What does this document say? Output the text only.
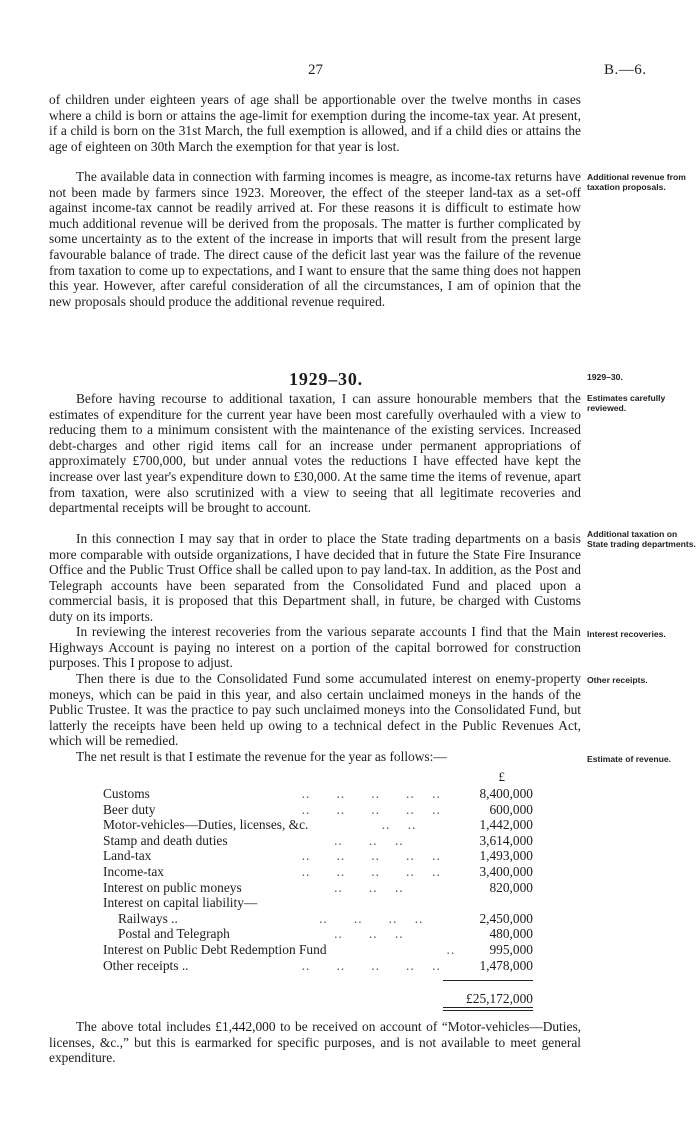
27	B.—6.
of children under eighteen years of age shall be apportionable over the twelve months in cases where a child is born or attains the age-limit for exemption during the income-tax year. At present, if a child is born on the 31st March, the full exemption is allowed, and if a child dies or attains the age of eighteen on 30th March the exemption for that year is lost.
The available data in connection with farming incomes is meagre, as income-tax returns have not been made by farmers since 1923. Moreover, the effect of the steeper land-tax as a set-off against income-tax cannot be readily arrived at. For these reasons it is difficult to estimate how much additional revenue will be derived from the proposals. The matter is further complicated by some uncertainty as to the extent of the increase in imports that will result from the present large favourable balance of trade. The direct cause of the deficit last year was the failure of the revenue from taxation to come up to expectations, and I want to ensure that the same thing does not happen this year. However, after careful consideration of all the circumstances, I am of opinion that the new proposals should produce the additional revenue required.
Additional revenue from taxation proposals.
1929–30.	1929–30.
Before having recourse to additional taxation, I can assure honourable members that the estimates of expenditure for the current year have been most carefully overhauled with a view to reducing them to a minimum consistent with the maintenance of the existing services. Increased debt-charges and other rigid items call for an increase under permanent appropriations of approximately £700,000, but under annual votes the reductions I have effected have kept the increase over last year's expenditure down to £30,000. At the same time the items of revenue, apart from taxation, were also scrutinized with a view to seeing that all legitimate recoveries and departmental receipts will be brought to account.
Estimates carefully reviewed.
In this connection I may say that in order to place the State trading departments on a basis more comparable with outside organizations, I have decided that in future the State Fire Insurance Office and the Public Trust Office shall be called upon to pay land-tax. In addition, as the Post and Telegraph accounts have been separated from the Consolidated Fund and placed upon a commercial basis, it is proposed that this Department shall, in future, be charged with Customs duty on its imports.
Additional taxation on State trading departments.
In reviewing the interest recoveries from the various separate accounts I find that the Main Highways Account is paying no interest on a portion of the capital borrowed for construction purposes. This I propose to adjust.
Interest recoveries.
Then there is due to the Consolidated Fund some accumulated interest on enemy-property moneys, which can be paid in this year, and also certain unclaimed moneys in the hands of the Public Trustee. It was the practice to pay such unclaimed moneys into the Consolidated Fund, but latterly the receipts have been held up owing to a technical defect in the Public Revenues Act, which will be remedied.
Other receipts.
The net result is that I estimate the revenue for the year as follows:—	Estimate of revenue.
£
Customs	..      ..      ..      ..    ..	8,400,000
Beer duty	..      ..      ..      ..    ..	600,000
Motor-vehicles—Duties, licenses, &c.	..    ..	1,442,000
Stamp and death duties	..      ..    ..	3,614,000
Land-tax	..      ..      ..      ..    ..	1,493,000
Income-tax	..      ..      ..      ..    ..	3,400,000
Interest on public moneys	..      ..    ..	820,000
Interest on capital liability—
Railways ..	..      ..      ..    ..	2,450,000
Postal and Telegraph	..      ..    ..	480,000
Interest on Public Debt Redemption Fund	..	995,000
Other receipts ..	..      ..      ..      ..    ..	1,478,000
£25,172,000
The above total includes £1,442,000 to be received on account of “Motor-vehicles—Duties, licenses, &c.,” but this is earmarked for specific purposes, and is not available to meet general expenditure.
